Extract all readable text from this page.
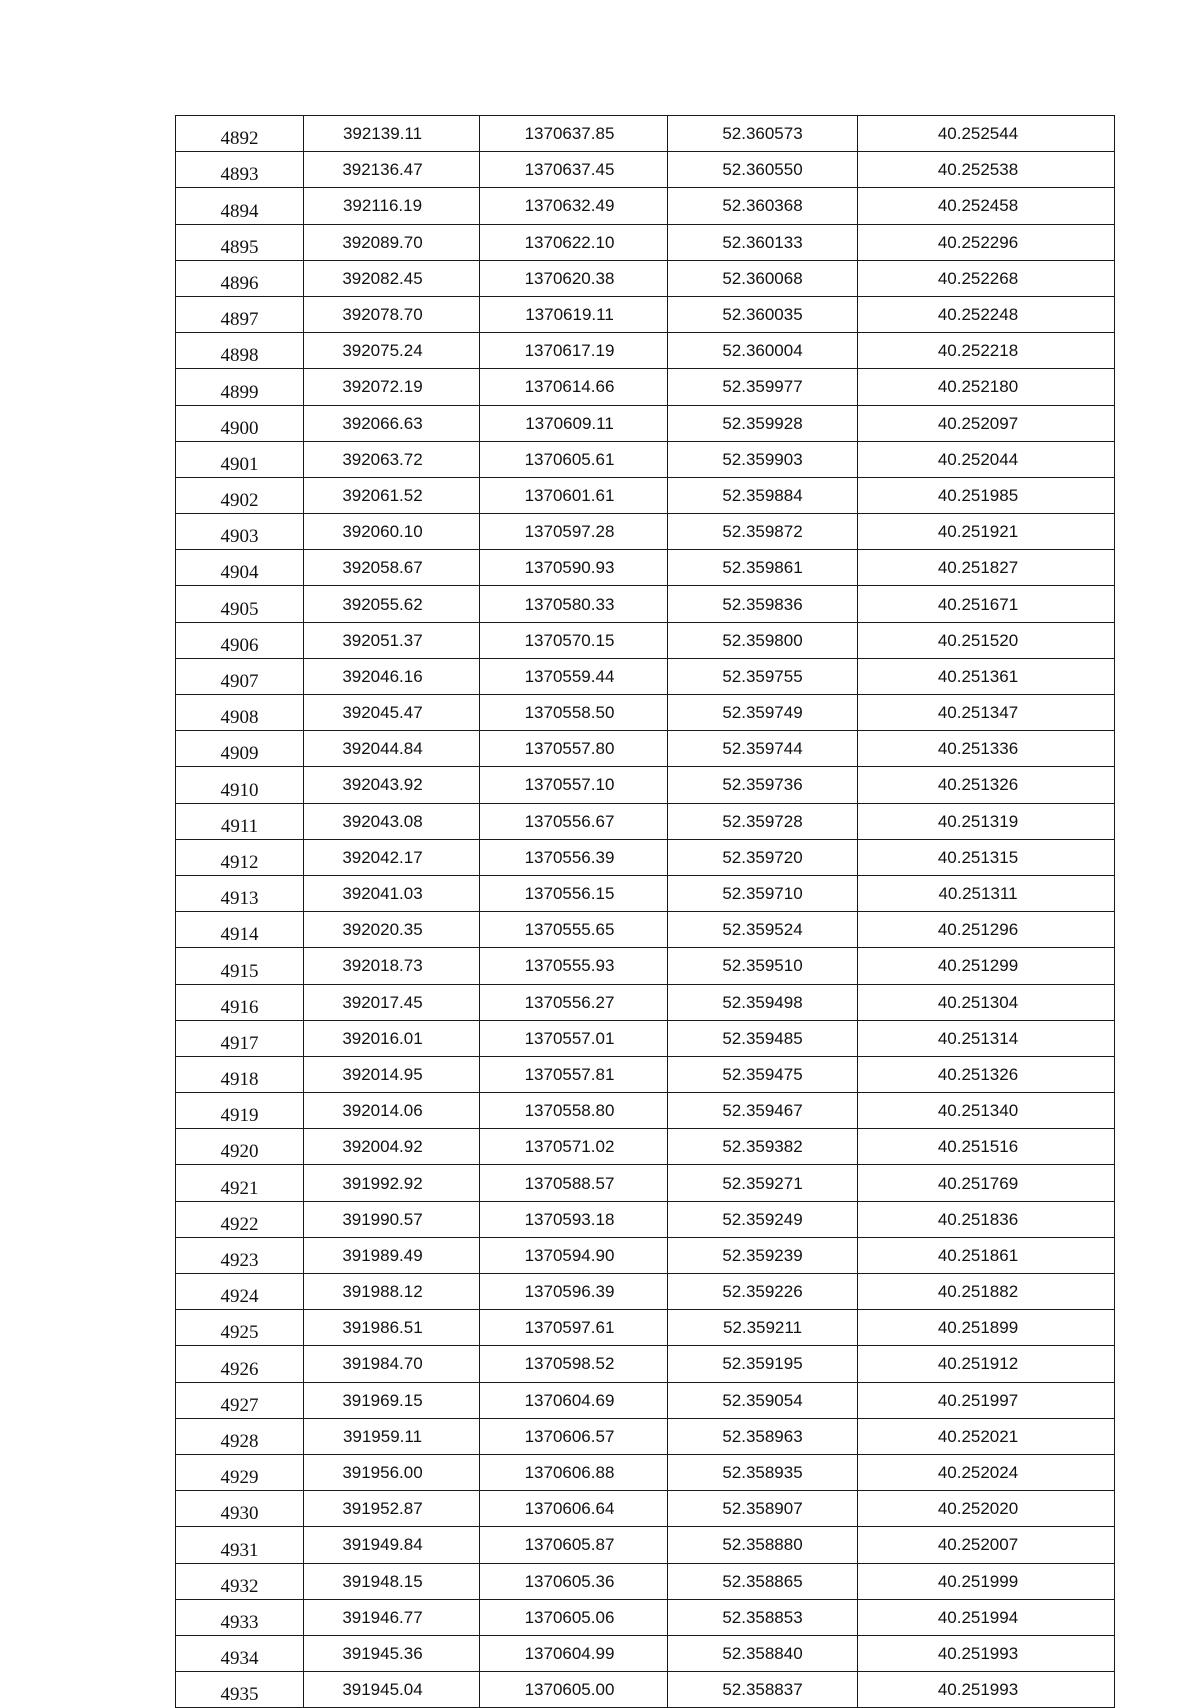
4892	392139.11	1370637.85	52.360573	40.252544
4893	392136.47	1370637.45	52.360550	40.252538
4894	392116.19	1370632.49	52.360368	40.252458
4895	392089.70	1370622.10	52.360133	40.252296
4896	392082.45	1370620.38	52.360068	40.252268
4897	392078.70	1370619.11	52.360035	40.252248
4898	392075.24	1370617.19	52.360004	40.252218
4899	392072.19	1370614.66	52.359977	40.252180
4900	392066.63	1370609.11	52.359928	40.252097
4901	392063.72	1370605.61	52.359903	40.252044
4902	392061.52	1370601.61	52.359884	40.251985
4903	392060.10	1370597.28	52.359872	40.251921
4904	392058.67	1370590.93	52.359861	40.251827
4905	392055.62	1370580.33	52.359836	40.251671
4906	392051.37	1370570.15	52.359800	40.251520
4907	392046.16	1370559.44	52.359755	40.251361
4908	392045.47	1370558.50	52.359749	40.251347
4909	392044.84	1370557.80	52.359744	40.251336
4910	392043.92	1370557.10	52.359736	40.251326
4911	392043.08	1370556.67	52.359728	40.251319
4912	392042.17	1370556.39	52.359720	40.251315
4913	392041.03	1370556.15	52.359710	40.251311
4914	392020.35	1370555.65	52.359524	40.251296
4915	392018.73	1370555.93	52.359510	40.251299
4916	392017.45	1370556.27	52.359498	40.251304
4917	392016.01	1370557.01	52.359485	40.251314
4918	392014.95	1370557.81	52.359475	40.251326
4919	392014.06	1370558.80	52.359467	40.251340
4920	392004.92	1370571.02	52.359382	40.251516
4921	391992.92	1370588.57	52.359271	40.251769
4922	391990.57	1370593.18	52.359249	40.251836
4923	391989.49	1370594.90	52.359239	40.251861
4924	391988.12	1370596.39	52.359226	40.251882
4925	391986.51	1370597.61	52.359211	40.251899
4926	391984.70	1370598.52	52.359195	40.251912
4927	391969.15	1370604.69	52.359054	40.251997
4928	391959.11	1370606.57	52.358963	40.252021
4929	391956.00	1370606.88	52.358935	40.252024
4930	391952.87	1370606.64	52.358907	40.252020
4931	391949.84	1370605.87	52.358880	40.252007
4932	391948.15	1370605.36	52.358865	40.251999
4933	391946.77	1370605.06	52.358853	40.251994
4934	391945.36	1370604.99	52.358840	40.251993
4935	391945.04	1370605.00	52.358837	40.251993
